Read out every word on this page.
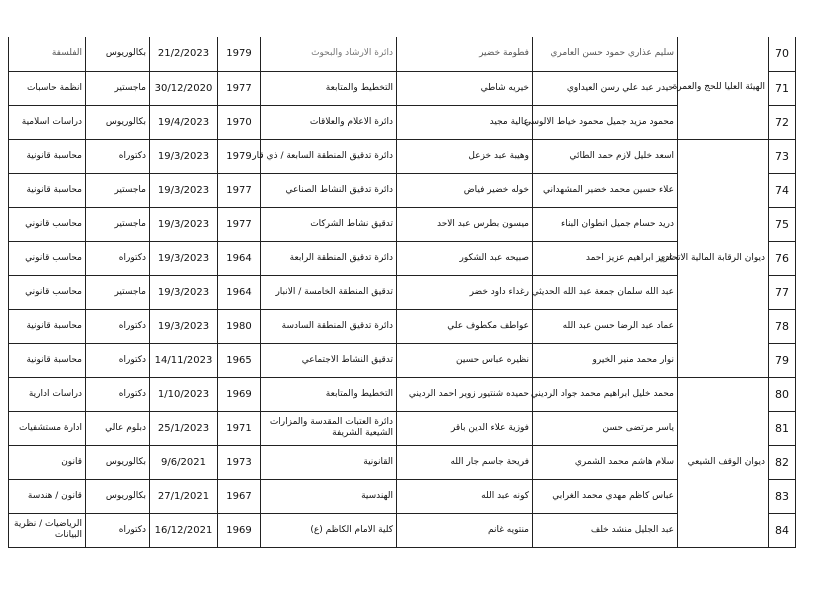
الفلسفة	بكالوريوس	21/2/2023	1979	دائرة الارشاد والبحوث	فطومة خضير	سليم عذاري حمود حسن العامري	الهيئة العليا للحج والعمرة	70
انظمة حاسبات	ماجستير	30/12/2020	1977	التخطيط والمتابعة	خيريه شاطي	حيدر عبد علي رسن العيداوي		71
دراسات اسلامية	بكالوريوس	19/4/2023	1970	دائرة الاعلام والعلاقات	عالية مجيد	محمود مزيد جميل محمود خياط الالوسي		72
محاسبة قانونية	دكتوراه	19/3/2023	1979	دائرة تدقيق المنطقة السابعة / ذي قار	وهيبة عبد خزعل	اسعد خليل لازم حمد الطائي	ديوان الرقابة المالية الاتحادي	73
محاسبة قانونية	ماجستير	19/3/2023	1977	دائرة تدقيق النشاط الصناعي	خوله خضير فياض	علاء حسين محمد خضير المشهداني		74
محاسب قانوني	ماجستير	19/3/2023	1977	تدقيق نشاط الشركات	ميسون بطرس عبد الاحد	دريد حسام جميل انطوان البناء		75
محاسب قانوني	دكتوراه	19/3/2023	1964	دائرة تدقيق المنطقة الرابعة	صبيحه عبد الشكور	عزيز ابراهيم عزيز احمد		76
محاسب قانوني	ماجستير	19/3/2023	1964	تدقيق المنطقة الخامسة / الانبار	رغداء داود خضر	عبد الله سلمان جمعة عبد الله الحديثي		77
محاسبة قانونية	دكتوراه	19/3/2023	1980	دائرة تدقيق المنطقة السادسة	عواطف مكطوف علي	عماد عبد الرضا حسن عبد الله		78
محاسبة قانونية	دكتوراه	14/11/2023	1965	تدقيق النشاط الاجتماعي	نظيره عباس حسين	نوار محمد منير الخيرو		79
دراسات ادارية	دكتوراه	1/10/2023	1969	التخطيط والمتابعة	حميده شنتيور زوير احمد الرديني	محمد خليل ابراهيم محمد جواد الرديني	ديوان الوقف الشيعي	80
ادارة مستشفيات	دبلوم عالي	25/1/2023	1971	دائرة العتبات المقدسة والمزارات الشيعية الشريفة	فوزية علاء الدين باقر	ياسر مرتضى حسن		81
قانون	بكالوريوس	9/6/2021	1973	القانونية	فريحة جاسم جار الله	سلام هاشم محمد الشمري		82
قانون / هندسة	بكالوريوس	27/1/2021	1967	الهندسية	كونه عبد الله	عباس كاظم مهدي محمد الغرابي		83
الرياضيات / نظرية البيانات	دكتوراه	16/12/2021	1969	كلية الامام الكاظم (ع)	منتويه غانم	عبد الجليل منشد خلف		84
